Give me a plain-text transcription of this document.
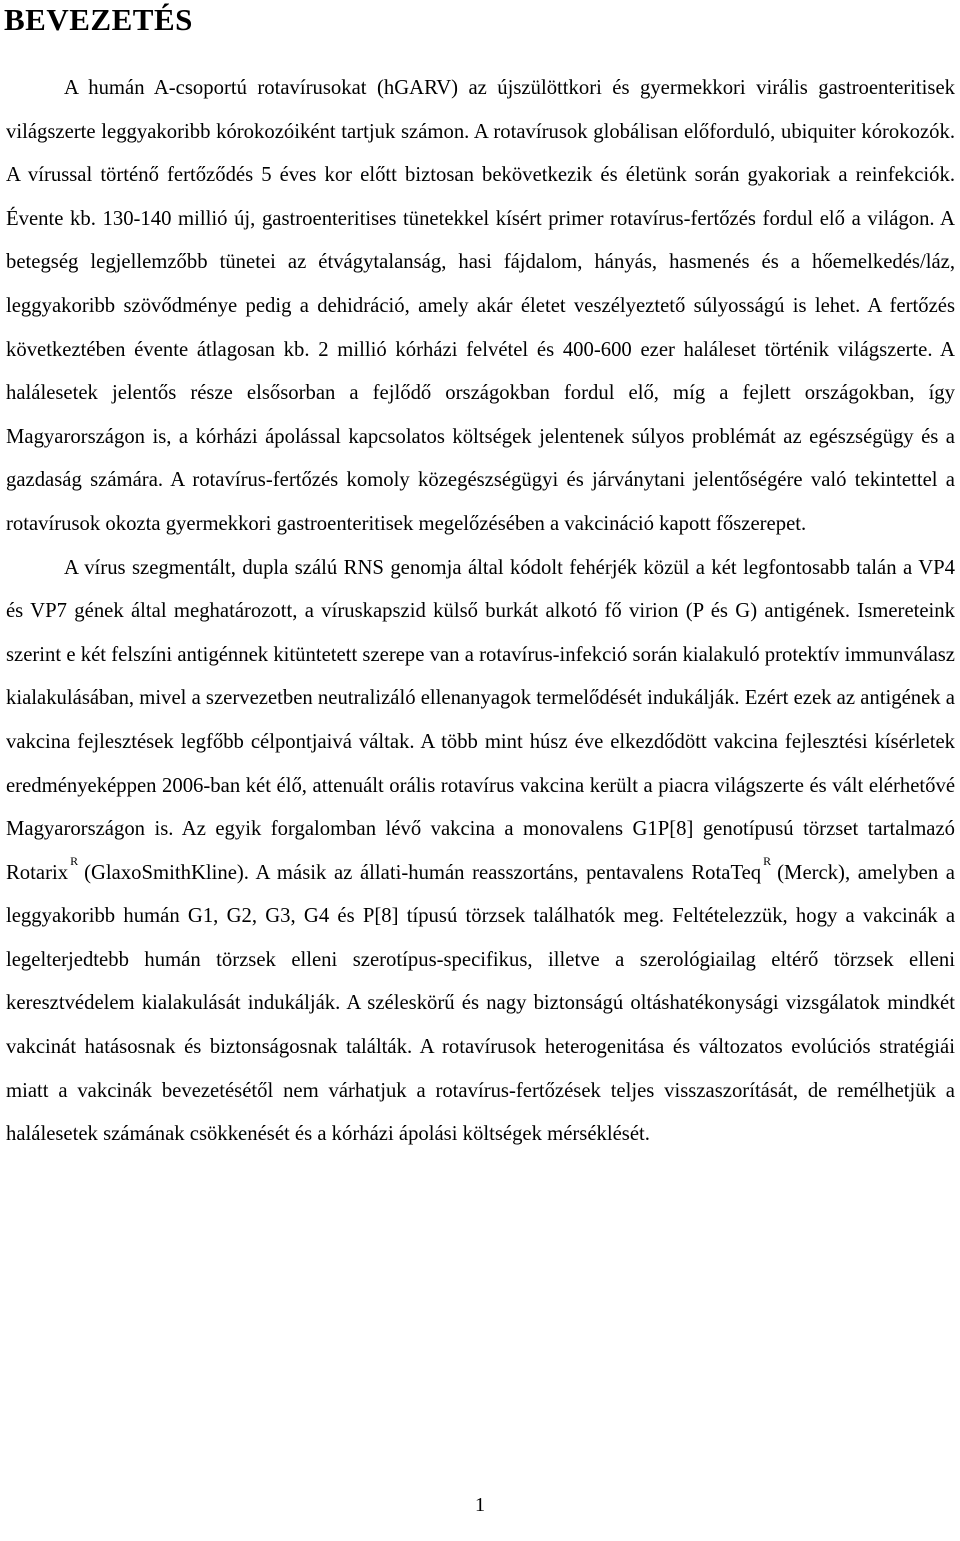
BEVEZETÉS

A humán A-csoportú rotavírusokat (hGARV) az újszülöttkori és gyermekkori virális gastroenteritisek világszerte leggyakoribb kórokozóiként tartjuk számon. A rotavírusok globálisan előforduló, ubiquiter kórokozók. A vírussal történő fertőződés 5 éves kor előtt biztosan bekövetkezik és életünk során gyakoriak a reinfekciók. Évente kb. 130-140 millió új, gastroenteritises tünetekkel kísért primer rotavírus-fertőzés fordul elő a világon. A betegség legjellemzőbb tünetei az étvágytalanság, hasi fájdalom, hányás, hasmenés és a hőemelkedés/láz, leggyakoribb szövődménye pedig a dehidráció, amely akár életet veszélyeztető súlyosságú is lehet. A fertőzés következtében évente átlagosan kb. 2 millió kórházi felvétel és 400-600 ezer haláleset történik világszerte. A halálesetek jelentős része elsősorban a fejlődő országokban fordul elő, míg a fejlett országokban, így Magyarországon is, a kórházi ápolással kapcsolatos költségek jelentenek súlyos problémát az egészségügy és a gazdaság számára. A rotavírus-fertőzés komoly közegészségügyi és járványtani jelentőségére való tekintettel a rotavírusok okozta gyermekkori gastroenteritisek megelőzésében a vakcináció kapott főszerepet.

A vírus szegmentált, dupla szálú RNS genomja által kódolt fehérjék közül a két legfontosabb talán a VP4 és VP7 gének által meghatározott, a víruskapszid külső burkát alkotó fő virion (P és G) antigének. Ismereteink szerint e két felszíni antigénnek kitüntetett szerepe van a rotavírus-infekció során kialakuló protektív immunválasz kialakulásában, mivel a szervezetben neutralizáló ellenanyagok termelődését indukálják. Ezért ezek az antigének a vakcina fejlesztések legfőbb célpontjaivá váltak. A több mint húsz éve elkezdődött vakcina fejlesztési kísérletek eredményeképpen 2006-ban két élő, attenuált orális rotavírus vakcina került a piacra világszerte és vált elérhetővé Magyarországon is. Az egyik forgalomban lévő vakcina a monovalens G1P[8] genotípusú törzset tartalmazó Rotarix$^R$(GlaxoSmithKline). A másik az állati-humán reasszortáns, pentavalens RotaTeq$^R$(Merck), amelyben a leggyakoribb humán G1, G2, G3, G4 és P[8] típusú törzsek találhatók meg. Feltételezzük, hogy a vakcinák a legelterjedtebb humán törzsek elleni szerotípus-specifikus, illetve a szerológiailag eltérő törzsek elleni keresztvédelem kialakulását indukálják. A széleskörű és nagy biztonságú oltáshatékonysági vizsgálatok mindkét vakcinát hatásosnak és biztonságosnak találták. A rotavírusok heterogenitása és változatos evolúciós stratégiái miatt a vakcinák bevezetésétől nem várhatjuk a rotavírus-fertőzések teljes visszaszorítását, de remélhetjük a halálesetek számának csökkenését és a kórházi ápolási költségek mérséklését.

1
